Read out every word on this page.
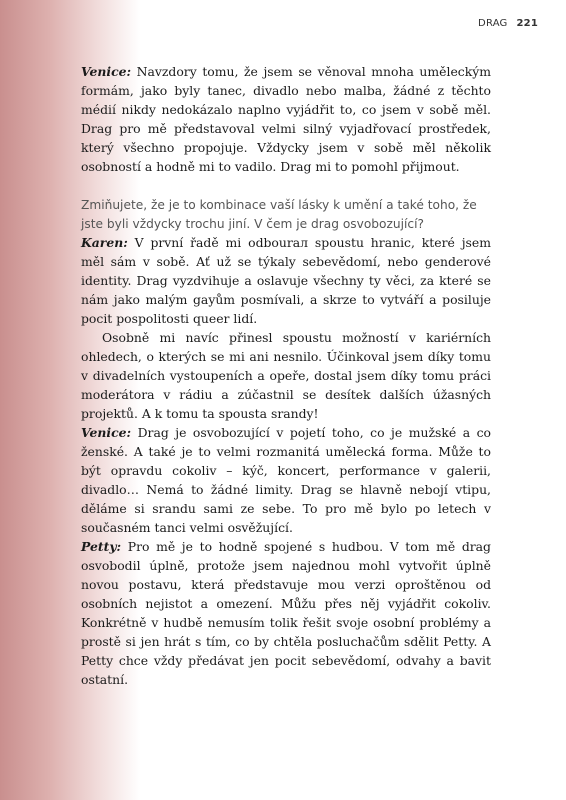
DRAG 221

Venice: Navzdory tomu, že jsem se věnoval mnoha uměleckým formám, jako byly tanec, divadlo nebo malba, žádné z těchto médií nikdy nedokázalo naplno vyjádřit to, co jsem v sobě měl. Drag pro mě představoval velmi silný vyjadřovací prostředek, který všechno propojuje. Vždycky jsem v sobě měl několik osobností a hodně mi to vadilo. Drag mi to pomohl přijmout.

Zmiňujete, že je to kombinace vaší lásky k umění a také toho, že jste byli vždycky trochu jiní. V čem je drag osvobozující?

Karen: V první řadě mi odbourал spoustu hranic, které jsem měl sám v sobě. Ať už se týkaly sebevědomí, nebo genderové identity. Drag vyzdvihuje a oslavuje všechny ty věci, za které se nám jako malým gayům posmívali, a skrze to vytváří a posiluje pocit pospolitosti queer lidí.

Osobně mi navíc přinesl spoustu možností v kariérních ohledech, o kterých se mi ani nesnilo. Účinkoval jsem díky tomu v divadelních vystoupeních a opeře, dostal jsem díky tomu práci moderátora v rádiu a zúčastnil se desítek dalších úžasných projektů. A k tomu ta spousta srandy!

Venice: Drag je osvobozující v pojetí toho, co je mužské a co ženské. A také je to velmi rozmanitá umělecká forma. Může to být opravdu cokoliv – kýč, koncert, performance v galerii, divadlo… Nemá to žádné limity. Drag se hlavně nebojí vtipu, děláme si srandu sami ze sebe. To pro mě bylo po letech v současném tanci velmi osvěžující.

Petty: Pro mě je to hodně spojené s hudbou. V tom mě drag osvobodil úplně, protože jsem najednou mohl vytvořit úplně novou postavu, která představuje mou verzi oproštěnou od osobních nejistot a omezení. Můžu přes něj vyjádřit cokoliv. Konkrétně v hudbě nemusím tolik řešit svoje osobní problémy a prostě si jen hrát s tím, co by chtěla posluchačům sdělit Petty. A Petty chce vždy předávat jen pocit sebevědomí, odvahy a bavit ostatní.
